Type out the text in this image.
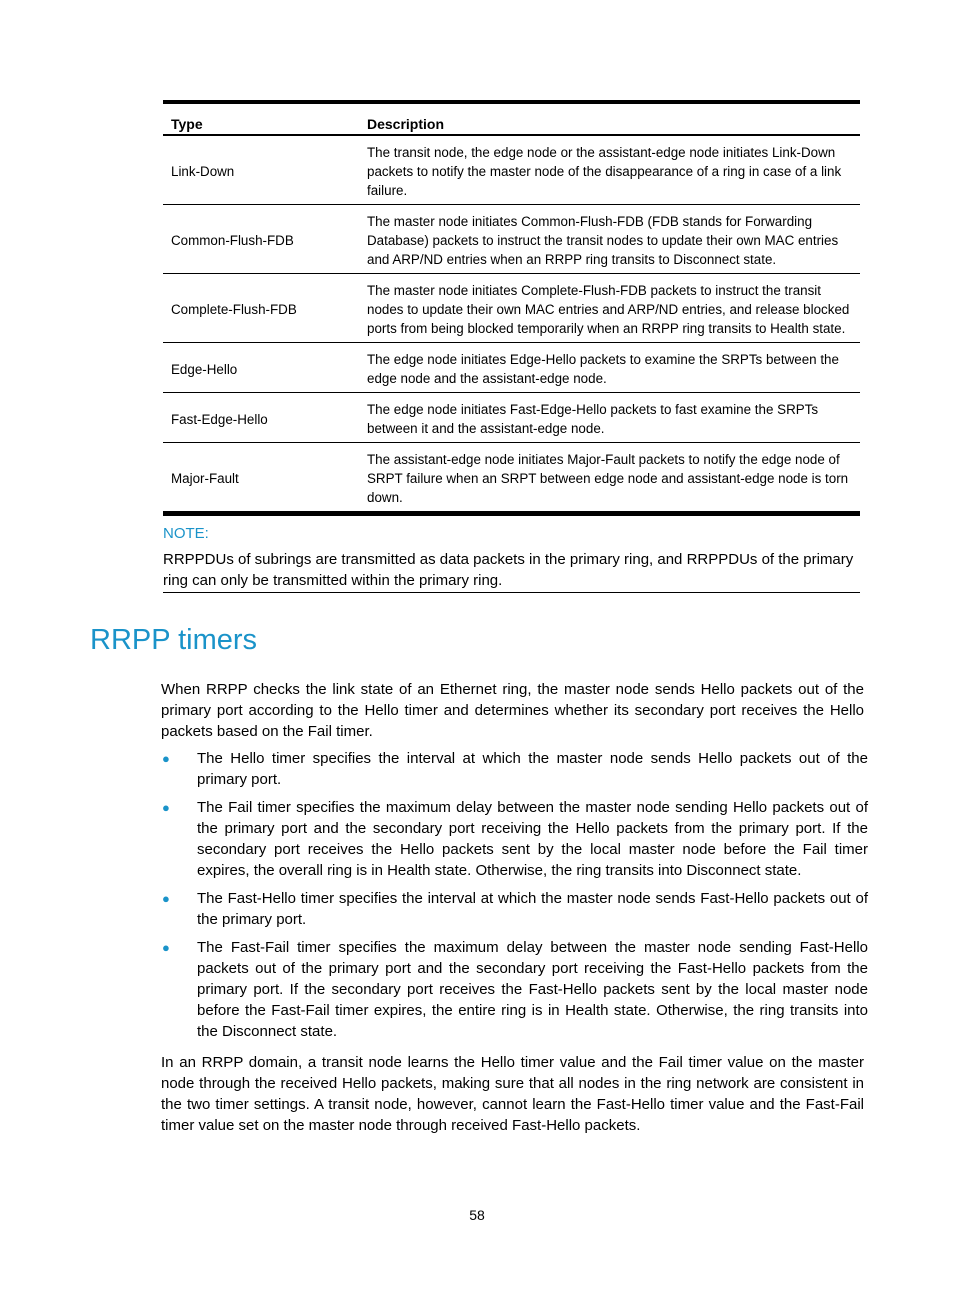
Type	Description
Link-Down	The transit node, the edge node or the assistant-edge node initiates Link-Down packets to notify the master node of the disappearance of a ring in case of a link failure.
Common-Flush-FDB	The master node initiates Common-Flush-FDB (FDB stands for Forwarding Database) packets to instruct the transit nodes to update their own MAC entries and ARP/ND entries when an RRPP ring transits to Disconnect state.
Complete-Flush-FDB	The master node initiates Complete-Flush-FDB packets to instruct the transit nodes to update their own MAC entries and ARP/ND entries, and release blocked ports from being blocked temporarily when an RRPP ring transits to Health state.
Edge-Hello	The edge node initiates Edge-Hello packets to examine the SRPTs between the edge node and the assistant-edge node.
Fast-Edge-Hello	The edge node initiates Fast-Edge-Hello packets to fast examine the SRPTs between it and the assistant-edge node.
Major-Fault	The assistant-edge node initiates Major-Fault packets to notify the edge node of SRPT failure when an SRPT between edge node and assistant-edge node is torn down.
NOTE:
RRPPDUs of subrings are transmitted as data packets in the primary ring, and RRPPDUs of the primary ring can only be transmitted within the primary ring.
RRPP timers

When RRPP checks the link state of an Ethernet ring, the master node sends Hello packets out of the primary port according to the Hello timer and determines whether its secondary port receives the Hello packets based on the Fail timer.

● The Hello timer specifies the interval at which the master node sends Hello packets out of the primary port.
● The Fail timer specifies the maximum delay between the master node sending Hello packets out of the primary port and the secondary port receiving the Hello packets from the primary port. If the secondary port receives the Hello packets sent by the local master node before the Fail timer expires, the overall ring is in Health state. Otherwise, the ring transits into Disconnect state.
● The Fast-Hello timer specifies the interval at which the master node sends Fast-Hello packets out of the primary port.
● The Fast-Fail timer specifies the maximum delay between the master node sending Fast-Hello packets out of the primary port and the secondary port receiving the Fast-Hello packets from the primary port. If the secondary port receives the Fast-Hello packets sent by the local master node before the Fast-Fail timer expires, the entire ring is in Health state. Otherwise, the ring transits into the Disconnect state.

In an RRPP domain, a transit node learns the Hello timer value and the Fail timer value on the master node through the received Hello packets, making sure that all nodes in the ring network are consistent in the two timer settings. A transit node, however, cannot learn the Fast-Hello timer value and the Fast-Fail timer value set on the master node through received Fast-Hello packets.

58
